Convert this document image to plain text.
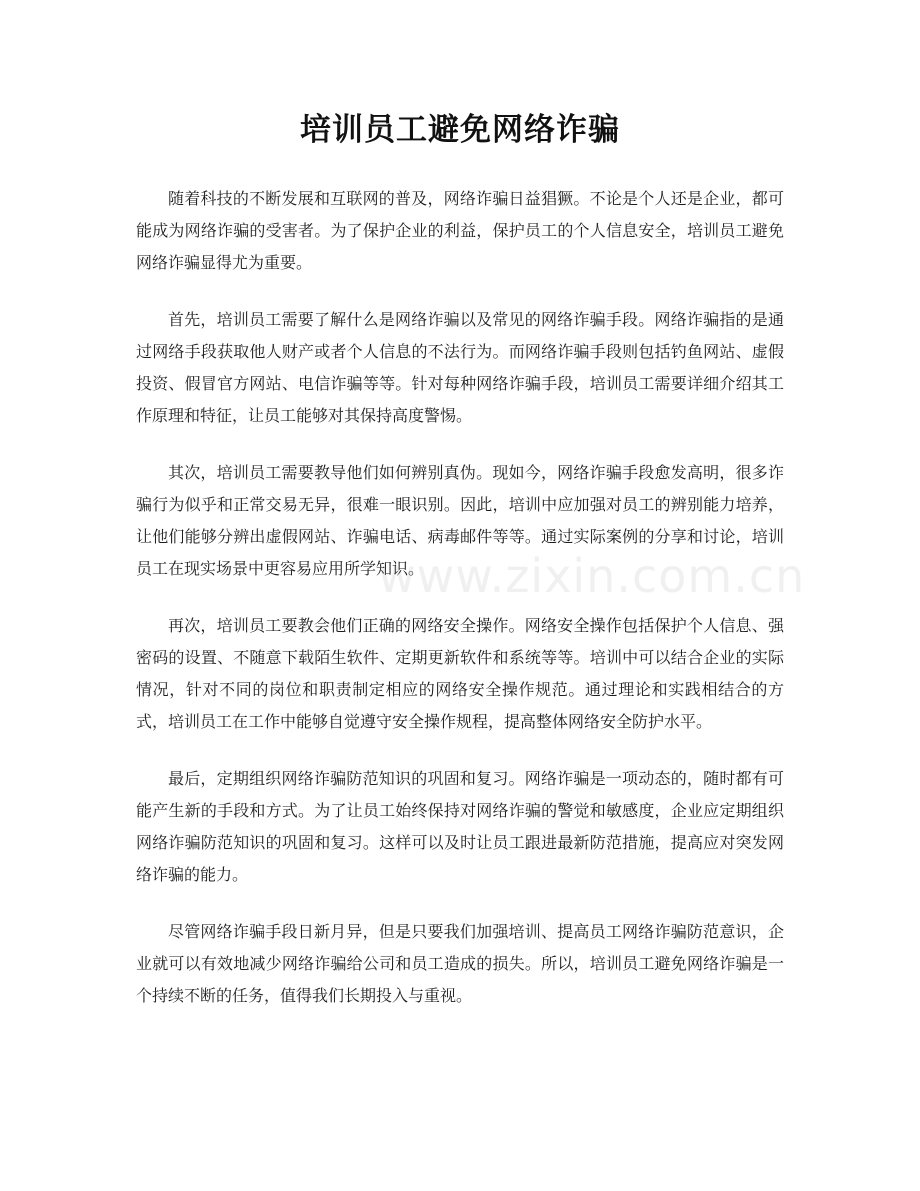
培训员工避免网络诈骗

随着科技的不断发展和互联网的普及，网络诈骗日益猖獗。不论是个人还是企业，都可能成为网络诈骗的受害者。为了保护企业的利益，保护员工的个人信息安全，培训员工避免网络诈骗显得尤为重要。

首先，培训员工需要了解什么是网络诈骗以及常见的网络诈骗手段。网络诈骗指的是通过网络手段获取他人财产或者个人信息的不法行为。而网络诈骗手段则包括钓鱼网站、虚假投资、假冒官方网站、电信诈骗等等。针对每种网络诈骗手段，培训员工需要详细介绍其工作原理和特征，让员工能够对其保持高度警惕。

其次，培训员工需要教导他们如何辨别真伪。现如今，网络诈骗手段愈发高明，很多诈骗行为似乎和正常交易无异，很难一眼识别。因此，培训中应加强对员工的辨别能力培养，让他们能够分辨出虚假网站、诈骗电话、病毒邮件等等。通过实际案例的分享和讨论，培训员工在现实场景中更容易应用所学知识。

再次，培训员工要教会他们正确的网络安全操作。网络安全操作包括保护个人信息、强密码的设置、不随意下载陌生软件、定期更新软件和系统等等。培训中可以结合企业的实际情况，针对不同的岗位和职责制定相应的网络安全操作规范。通过理论和实践相结合的方式，培训员工在工作中能够自觉遵守安全操作规程，提高整体网络安全防护水平。

最后，定期组织网络诈骗防范知识的巩固和复习。网络诈骗是一项动态的，随时都有可能产生新的手段和方式。为了让员工始终保持对网络诈骗的警觉和敏感度，企业应定期组织网络诈骗防范知识的巩固和复习。这样可以及时让员工跟进最新防范措施，提高应对突发网络诈骗的能力。

尽管网络诈骗手段日新月异，但是只要我们加强培训、提高员工网络诈骗防范意识，企业就可以有效地减少网络诈骗给公司和员工造成的损失。所以，培训员工避免网络诈骗是一个持续不断的任务，值得我们长期投入与重视。

www.zixin.com.cn
